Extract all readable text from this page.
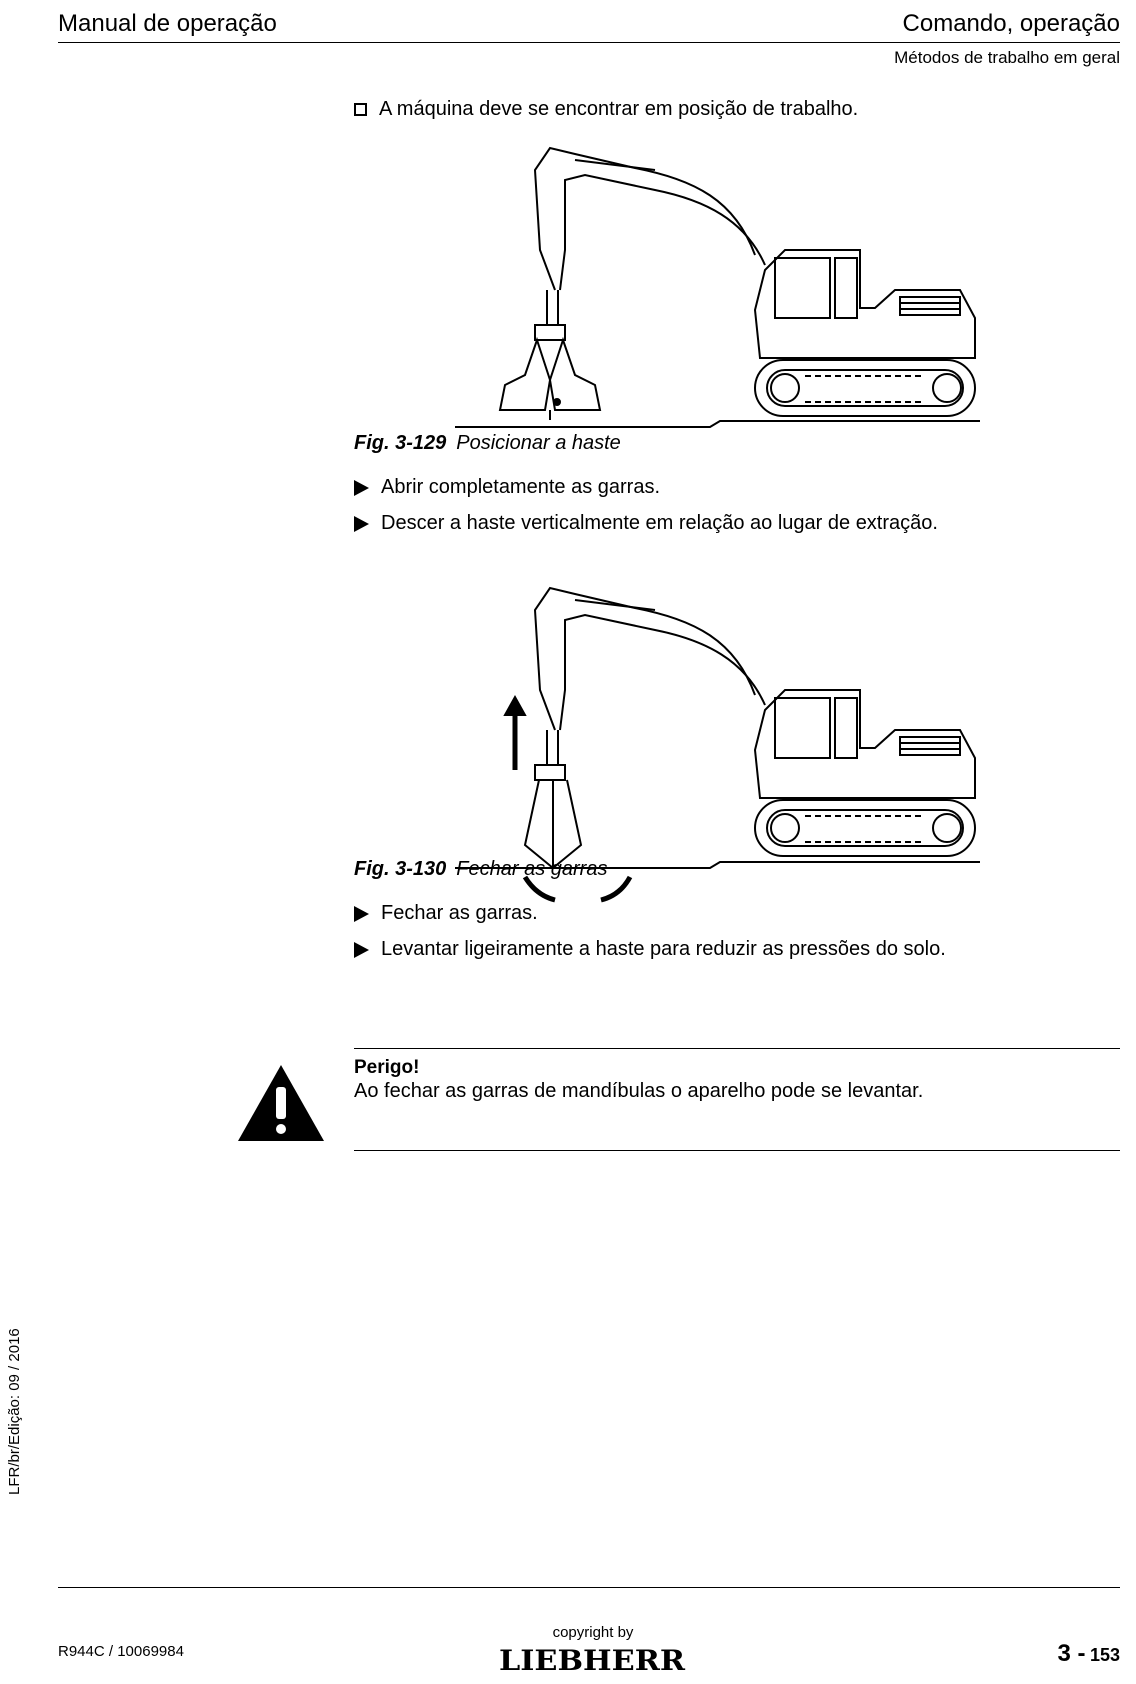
Manual de operação	Comando, operação
Métodos de trabalho em geral
A máquina deve se encontrar em posição de trabalho.
Fig. 3-129 Posicionar a haste
Abrir completamente as garras.
Descer a haste verticalmente em relação ao lugar de extração.
Fig. 3-130 Fechar as garras
Fechar as garras.
Levantar ligeiramente a haste para reduzir as pressões do solo.
Perigo!
Ao fechar as garras de mandíbulas o aparelho pode se levantar.
LFR/br/Edição: 09 / 2016
R944C / 10069984
copyright by
LIEBHERR	3 - 153
